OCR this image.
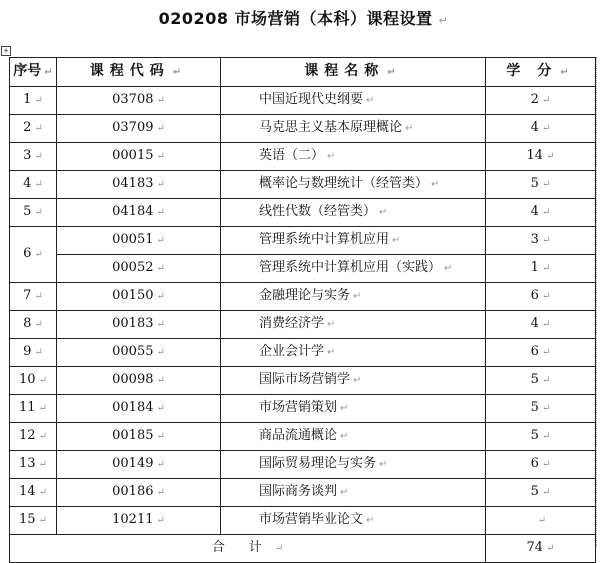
020208 市场营销（本科）课程设置 ↵
+
序号 ↵	课程代码 ↵	课程名称 ↵	学 分 ↵
1 ↵	03708 ↵	中国近现代史纲要 ↵	2 ↵
2 ↵	03709 ↵	马克思主义基本原理概论 ↵	4 ↵
3 ↵	00015 ↵	英语（二） ↵	14 ↵
4 ↵	04183 ↵	概率论与数理统计（经管类） ↵	5 ↵
5 ↵	04184 ↵	线性代数（经管类） ↵	4 ↵
6 ↵	00051 ↵	管理系统中计算机应用 ↵	3 ↵
	00052 ↵	管理系统中计算机应用（实践） ↵	1 ↵
7 ↵	00150 ↵	金融理论与实务 ↵	6 ↵
8 ↵	00183 ↵	消费经济学 ↵	4 ↵
9 ↵	00055 ↵	企业会计学 ↵	6 ↵
10 ↵	00098 ↵	国际市场营销学 ↵	5 ↵
11 ↵	00184 ↵	市场营销策划 ↵	5 ↵
12 ↵	00185 ↵	商品流通概论 ↵	5 ↵
13 ↵	00149 ↵	国际贸易理论与实务 ↵	6 ↵
14 ↵	00186 ↵	国际商务谈判 ↵	5 ↵
15 ↵	10211 ↵	市场营销毕业论文 ↵	↵
合 计 ↵			74 ↵
